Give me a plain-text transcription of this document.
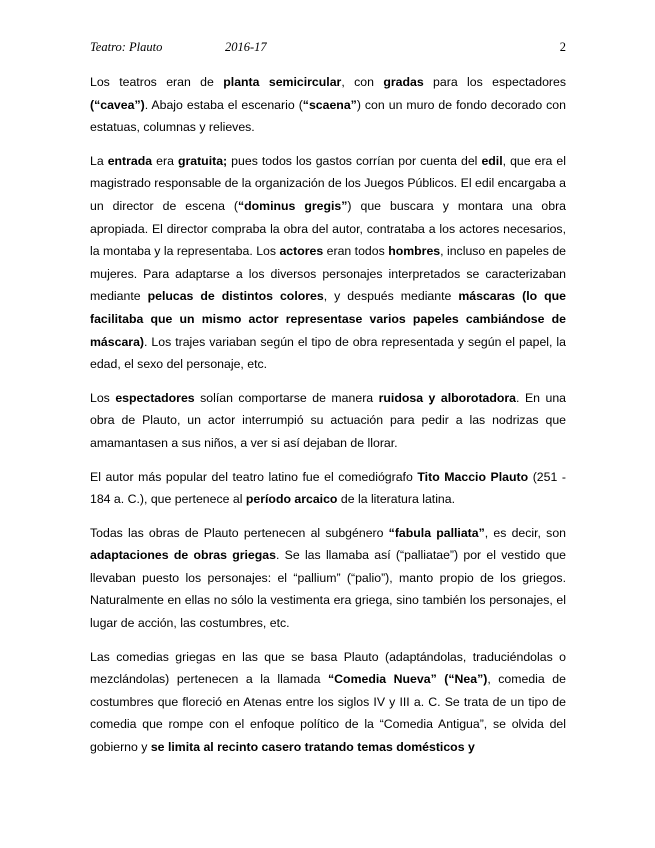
Teatro: Plauto	2016-17	2

Los teatros eran de planta semicircular, con gradas para los espectadores (“cavea”). Abajo estaba el escenario (“scaena”) con un muro de fondo decorado con estatuas, columnas y relieves.

La entrada era gratuita; pues todos los gastos corrían por cuenta del edil, que era el magistrado responsable de la organización de los Juegos Públicos. El edil encargaba a un director de escena (“dominus gregis”) que buscara y montara una obra apropiada. El director compraba la obra del autor, contrataba a los actores necesarios, la montaba y la representaba. Los actores eran todos hombres, incluso en papeles de mujeres. Para adaptarse a los diversos personajes interpretados se caracterizaban mediante pelucas de distintos colores, y después mediante máscaras (lo que facilitaba que un mismo actor representase varios papeles cambiándose de máscara). Los trajes variaban según el tipo de obra representada y según el papel, la edad, el sexo del personaje, etc.

Los espectadores solían comportarse de manera ruidosa y alborotadora. En una obra de Plauto, un actor interrumpió su actuación para pedir a las nodrizas que amamantasen a sus niños, a ver si así dejaban de llorar.

El autor más popular del teatro latino fue el comediógrafo Tito Maccio Plauto (251 - 184 a. C.), que pertenece al período arcaico de la literatura latina.

Todas las obras de Plauto pertenecen al subgénero “fabula palliata”, es decir, son adaptaciones de obras griegas. Se las llamaba así (“palliatae”) por el vestido que llevaban puesto los personajes: el “pallium” (“palio”), manto propio de los griegos. Naturalmente en ellas no sólo la vestimenta era griega, sino también los personajes, el lugar de acción, las costumbres, etc.

Las comedias griegas en las que se basa Plauto (adaptándolas, traduciéndolas o mezclándolas) pertenecen a la llamada “Comedia Nueva” (“Nea”), comedia de costumbres que floreció en Atenas entre los siglos IV y III a. C. Se trata de un tipo de comedia que rompe con el enfoque político de la “Comedia Antigua”, se olvida del gobierno y se limita al recinto casero tratando temas domésticos y
